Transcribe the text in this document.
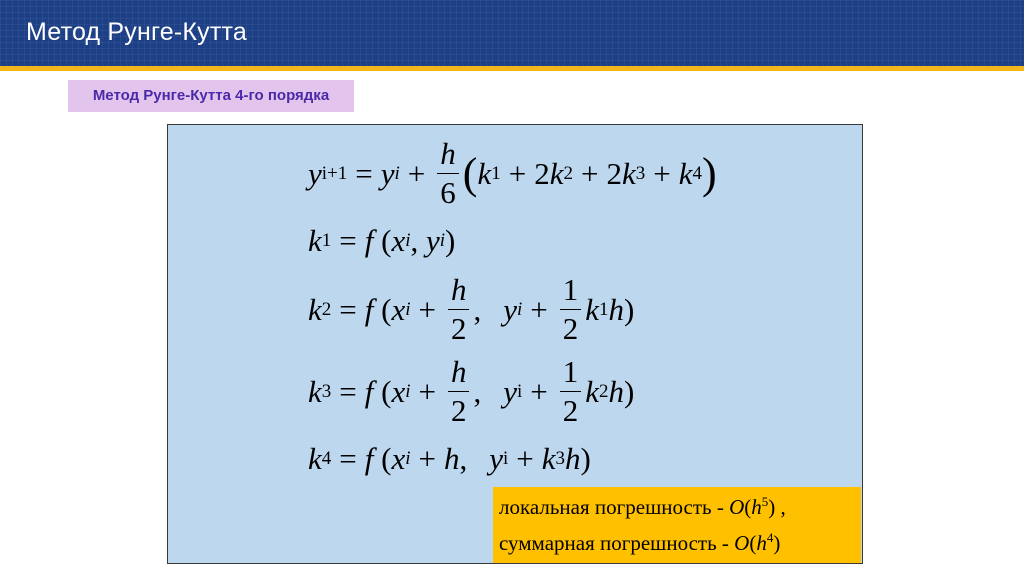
Метод Рунге-Кутта
Метод Рунге-Кутта 4-го порядка
y i+1 = y $i + \frac{h}{6}$ ( k 1 + 2 k 2 + 2 k 3 + k 4 )
k 1 = f ( x i , y i )
k 2 = f ( x $i + \frac{h}{2}$ , y $i + \frac{1}{2}$ k 1 h )
k 3 = f ( x $i + \frac{h}{2}$ , y $i + \frac{1}{2}$ k 2 h )
k 4 = f ( x i + h , y i + k 3 h )
локальная погрешность - $O(h^5)$ ,
суммарная погрешность - $O(h^4)$
